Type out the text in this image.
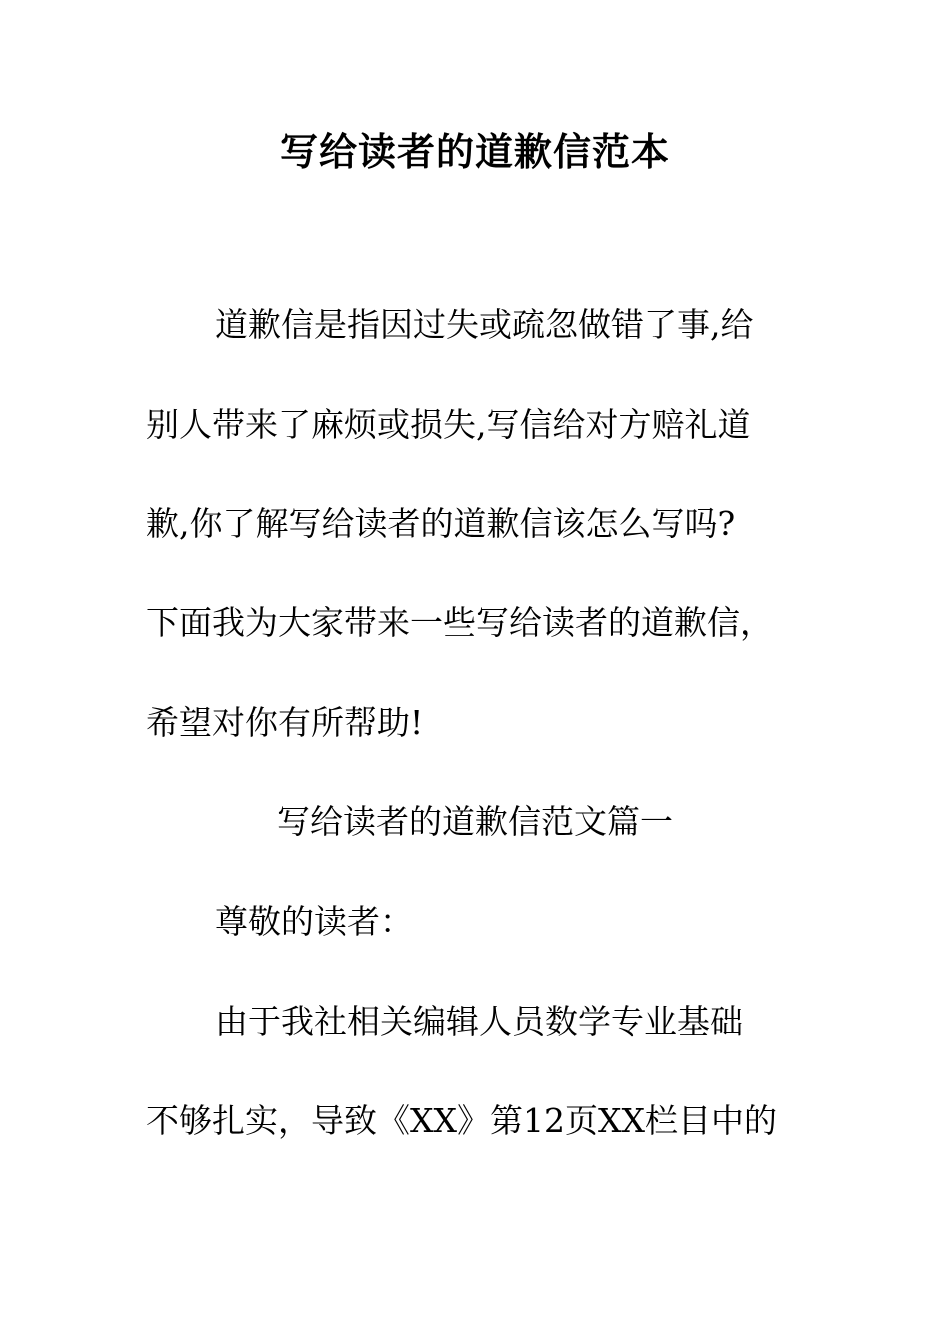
写给读者的道歉信范本

道歉信是指因过失或疏忽做错了事,给

别人带来了麻烦或损失,写信给对方赔礼道

歉,你了解写给读者的道歉信该怎么写吗?

下面我为大家带来一些写给读者的道歉信，

希望对你有所帮助!

写给读者的道歉信范文篇一

尊敬的读者：

由于我社相关编辑人员数学专业基础

不够扎实，导致《XX》第12页XX栏目中的
